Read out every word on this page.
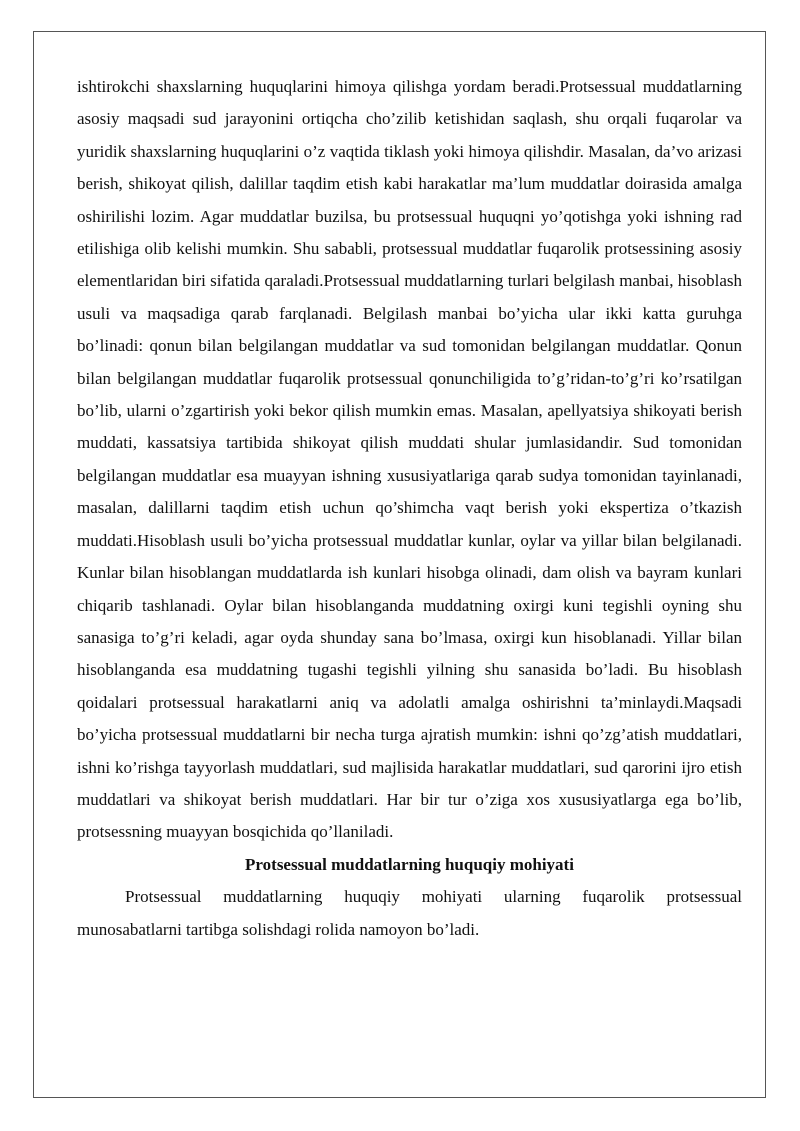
ishtirokchi shaxslarning huquqlarini himoya qilishga yordam beradi.Protsessual muddatlarning asosiy maqsadi sud jarayonini ortiqcha cho’zilib ketishidan saqlash, shu orqali fuqarolar va yuridik shaxslarning huquqlarini o’z vaqtida tiklash yoki himoya qilishdir. Masalan, da’vo arizasi berish, shikoyat qilish, dalillar taqdim etish kabi harakatlar ma’lum muddatlar doirasida amalga oshirilishi lozim. Agar muddatlar buzilsa, bu protsessual huquqni yo’qotishga yoki ishning rad etilishiga olib kelishi mumkin. Shu sababli, protsessual muddatlar fuqarolik protsessining asosiy elementlaridan biri sifatida qaraladi.Protsessual muddatlarning turlari belgilash manbai, hisoblash usuli va maqsadiga qarab farqlanadi. Belgilash manbai bo’yicha ular ikki katta guruhga bo’linadi: qonun bilan belgilangan muddatlar va sud tomonidan belgilangan muddatlar. Qonun bilan belgilangan muddatlar fuqarolik protsessual qonunchiligida to’g’ridan-to’g’ri ko’rsatilgan bo’lib, ularni o’zgartirish yoki bekor qilish mumkin emas. Masalan, apellyatsiya shikoyati berish muddati, kassatsiya tartibida shikoyat qilish muddati shular jumlasidandir. Sud tomonidan belgilangan muddatlar esa muayyan ishning xususiyatlariga qarab sudya tomonidan tayinlanadi, masalan, dalillarni taqdim etish uchun qo’shimcha vaqt berish yoki ekspertiza o’tkazish muddati.Hisoblash usuli bo’yicha protsessual muddatlar kunlar, oylar va yillar bilan belgilanadi. Kunlar bilan hisoblangan muddatlarda ish kunlari hisobga olinadi, dam olish va bayram kunlari chiqarib tashlanadi. Oylar bilan hisoblanganda muddatning oxirgi kuni tegishli oyning shu sanasiga to’g’ri keladi, agar oyda shunday sana bo’lmasa, oxirgi kun hisoblanadi. Yillar bilan hisoblanganda esa muddatning tugashi tegishli yilning shu sanasida bo’ladi. Bu hisoblash qoidalari protsessual harakatlarni aniq va adolatli amalga oshirishni ta’minlaydi.Maqsadi bo’yicha protsessual muddatlarni bir necha turga ajratish mumkin: ishni qo’zg’atish muddatlari, ishni ko’rishga tayyorlash muddatlari, sud majlisida harakatlar muddatlari, sud qarorini ijro etish muddatlari va shikoyat berish muddatlari. Har bir tur o’ziga xos xususiyatlarga ega bo’lib, protsessning muayyan bosqichida qo’llaniladi.

Protsessual muddatlarning huquqiy mohiyati

Protsessual muddatlarning huquqiy mohiyati ularning fuqarolik protsessual munosabatlarni tartibga solishdagi rolida namoyon bo’ladi.
